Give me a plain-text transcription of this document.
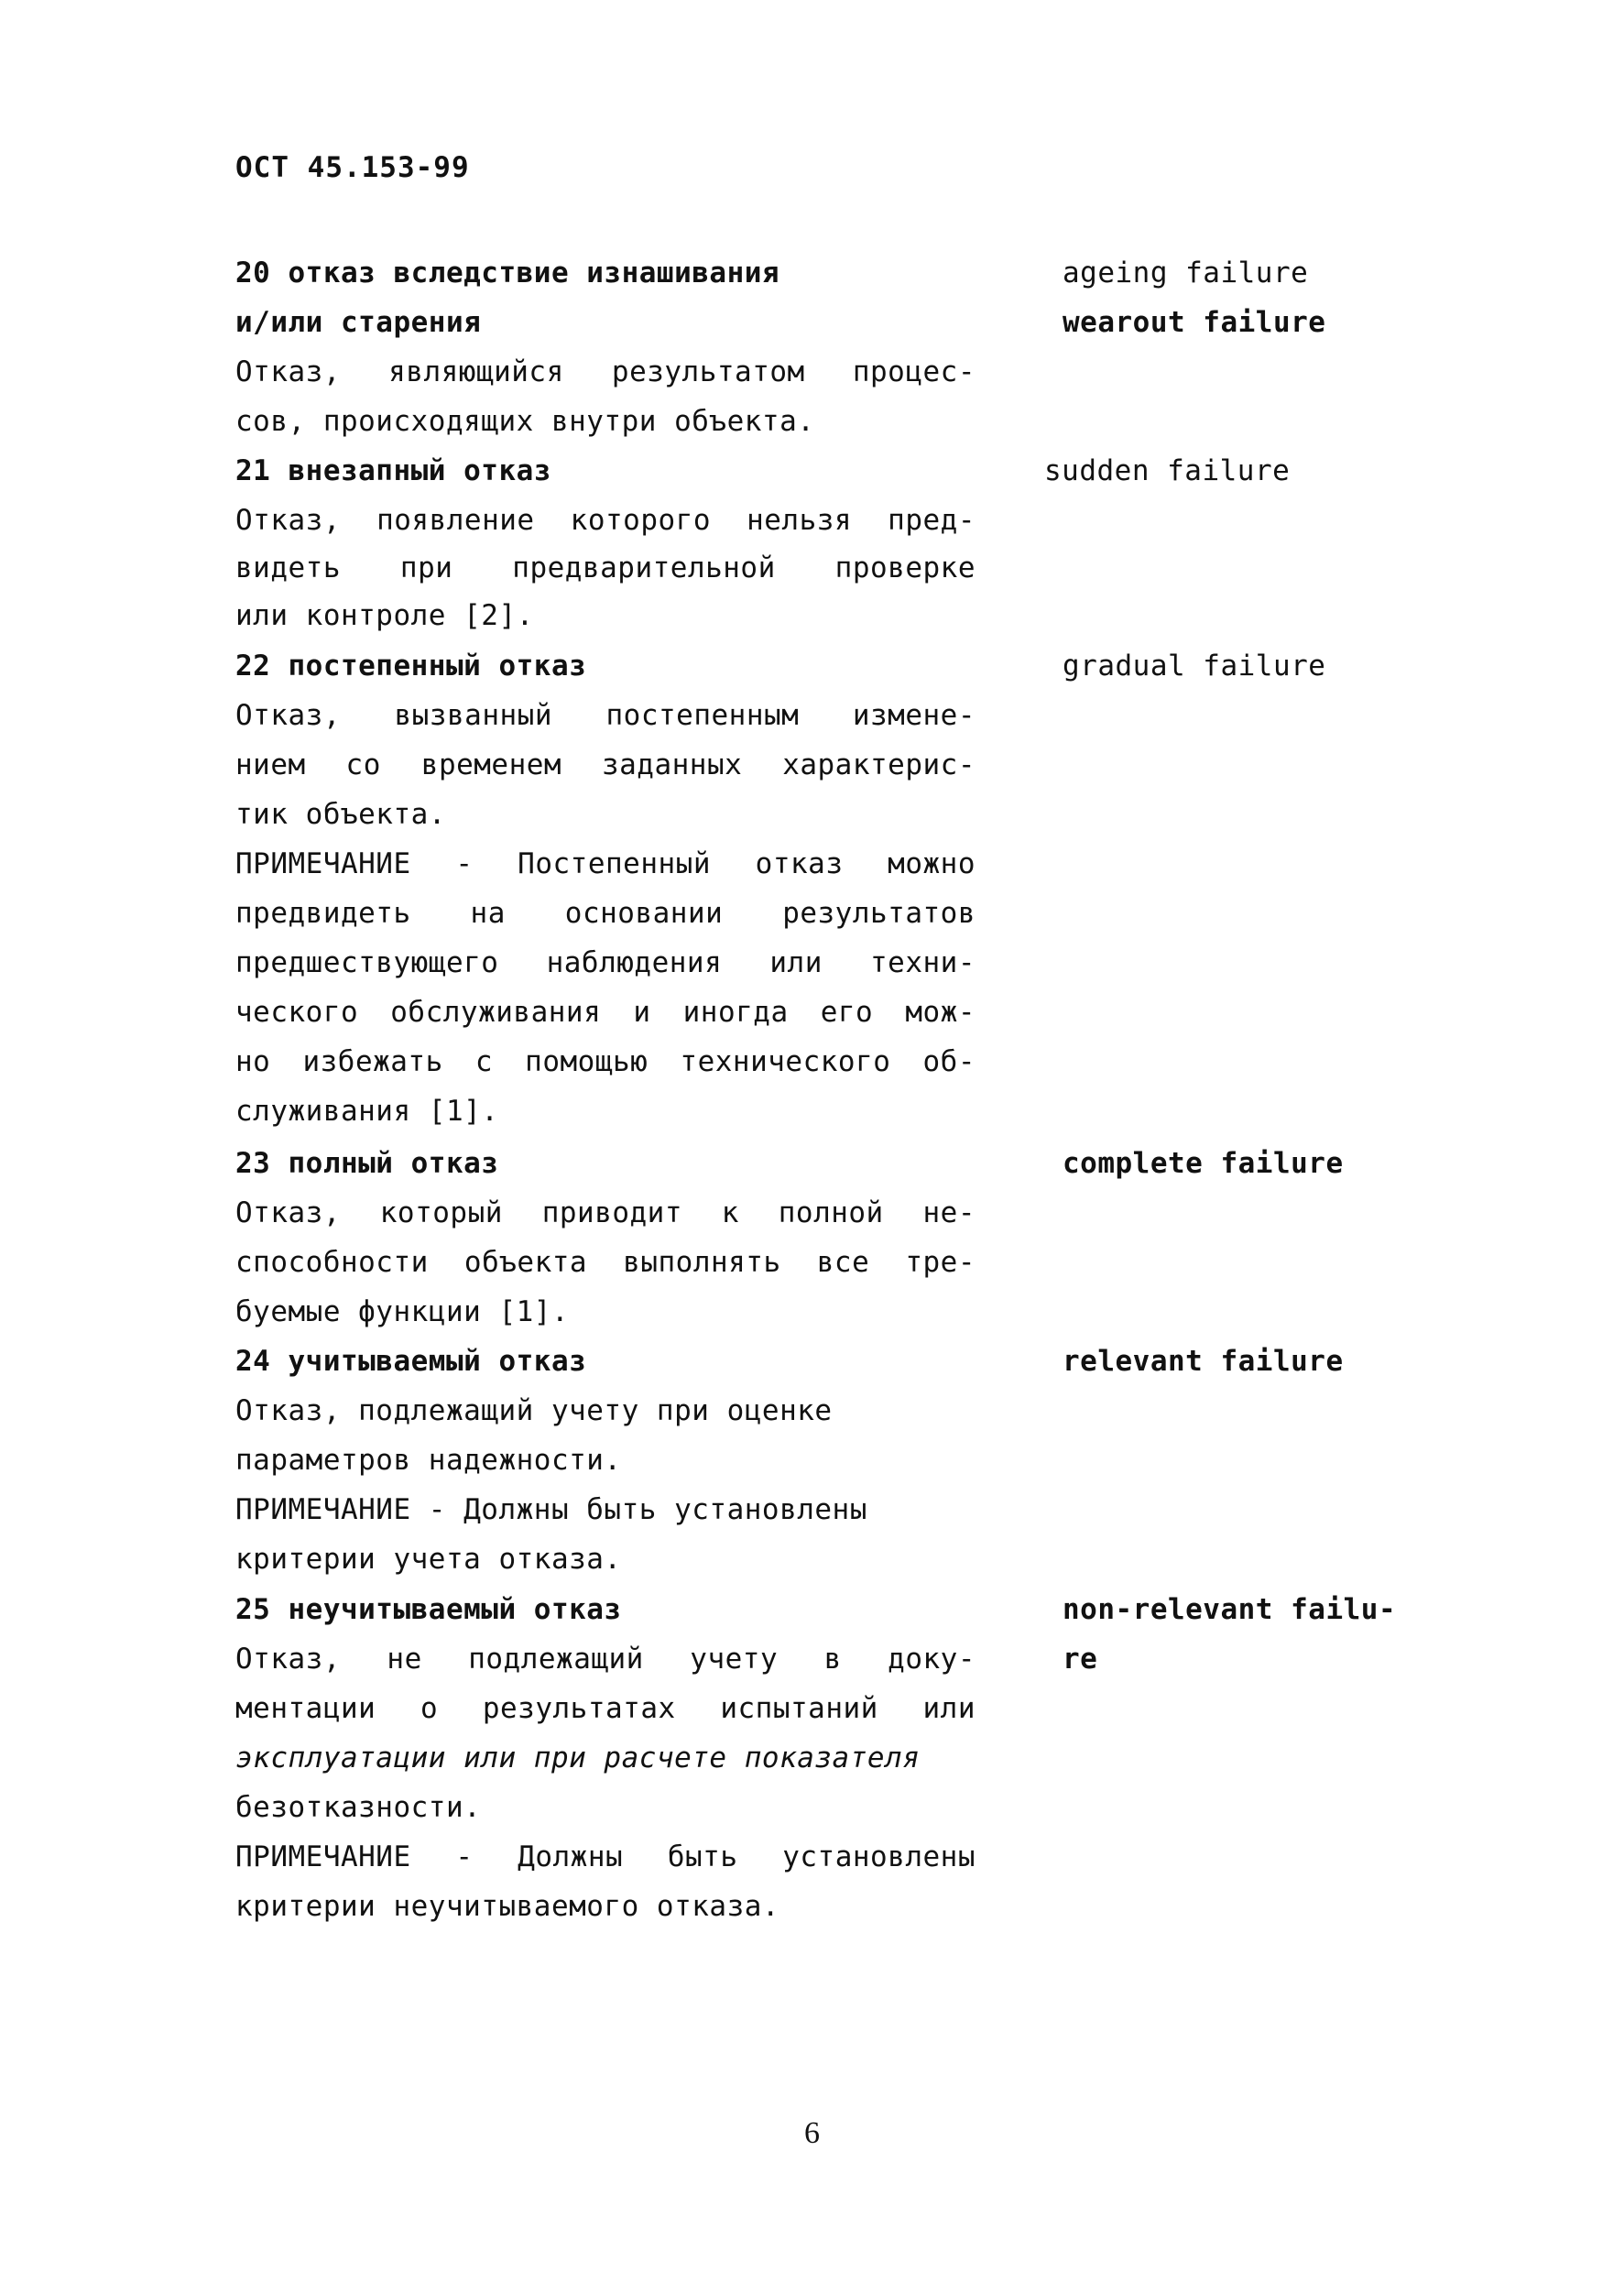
ОСТ 45.153-99
20 отказ вследствие изнашивания	ageing failure
и/или старения	wearout failure
Отказ, являющийся результатом процес-
сов, происходящих внутри объекта.
21 внезапный отказ	sudden failure
Отказ, появление которого нельзя пред-
видеть при предварительной проверке
или контроле [2].
22 постепенный отказ	gradual failure
Отказ, вызванный постепенным измене-
нием со временем заданных характерис-
тик объекта.
ПРИМЕЧАНИЕ - Постепенный отказ можно
предвидеть на основании результатов
предшествующего наблюдения или техни-
ческого обслуживания и иногда его мож-
но избежать с помощью технического об-
служивания [1].
23 полный отказ	complete failure
Отказ, который приводит к полной не-
способности объекта выполнять все тре-
буемые функции [1].
24 учитываемый отказ	relevant failure
Отказ, подлежащий учету при оценке
параметров надежности.
ПРИМЕЧАНИЕ - Должны быть установлены
критерии учета отказа.
25 неучитываемый отказ	non-relevant failu-
Отказ, не подлежащий учету в доку-	re
ментации о результатах испытаний или
эксплуатации или при расчете показателя
безотказности.
ПРИМЕЧАНИЕ - Должны быть установлены
критерии неучитываемого отказа.
6
